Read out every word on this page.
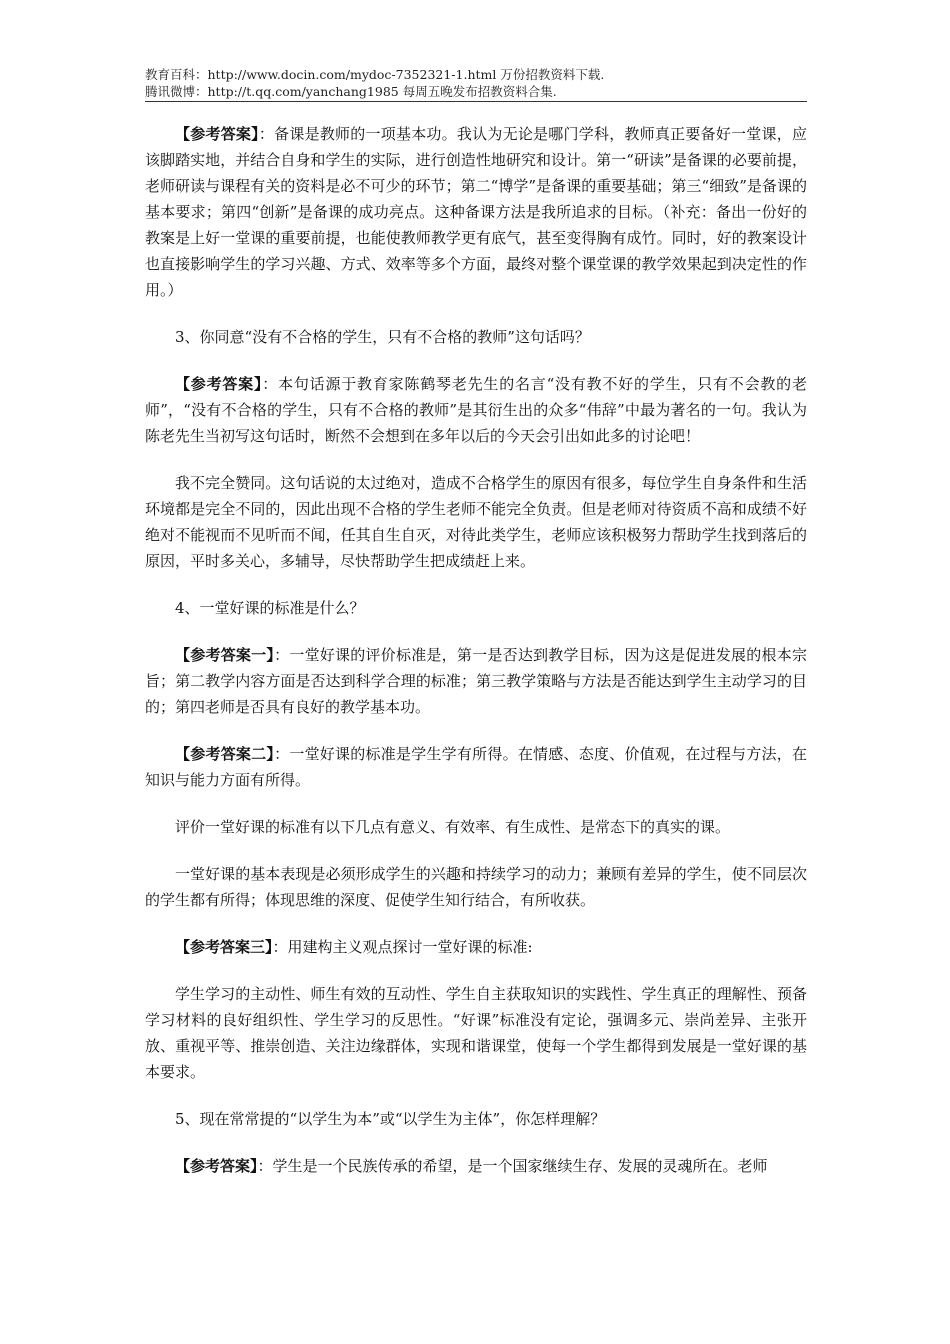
教育百科：http://www.docin.com/mydoc-7352321-1.html 万份招教资料下载.
腾讯微博：http://t.qq.com/yanchang1985 每周五晚发布招教资料合集.

【参考答案】：备课是教师的一项基本功。我认为无论是哪门学科，教师真正要备好一堂课，应该脚踏实地，并结合自身和学生的实际，进行创造性地研究和设计。第一“研读”是备课的必要前提，老师研读与课程有关的资料是必不可少的环节；第二“博学”是备课的重要基础；第三“细致”是备课的基本要求；第四“创新”是备课的成功亮点。这种备课方法是我所追求的目标。（补充：备出一份好的教案是上好一堂课的重要前提，也能使教师教学更有底气，甚至变得胸有成竹。同时，好的教案设计也直接影响学生的学习兴趣、方式、效率等多个方面，最终对整个课堂课的教学效果起到决定性的作用。）

3、你同意“没有不合格的学生，只有不合格的教师”这句话吗？

【参考答案】：本句话源于教育家陈鹤琴老先生的名言“没有教不好的学生，只有不会教的老师”，“没有不合格的学生，只有不合格的教师”是其衍生出的众多“伟辞”中最为著名的一句。我认为陈老先生当初写这句话时，断然不会想到在多年以后的今天会引出如此多的讨论吧！

我不完全赞同。这句话说的太过绝对，造成不合格学生的原因有很多，每位学生自身条件和生活环境都是完全不同的，因此出现不合格的学生老师不能完全负责。但是老师对待资质不高和成绩不好绝对不能视而不见听而不闻，任其自生自灭，对待此类学生，老师应该积极努力帮助学生找到落后的原因，平时多关心，多辅导，尽快帮助学生把成绩赶上来。

4、一堂好课的标准是什么？

【参考答案一】：一堂好课的评价标准是，第一是否达到教学目标，因为这是促进发展的根本宗旨；第二教学内容方面是否达到科学合理的标准；第三教学策略与方法是否能达到学生主动学习的目的；第四老师是否具有良好的教学基本功。

【参考答案二】：一堂好课的标准是学生学有所得。在情感、态度、价值观，在过程与方法，在知识与能力方面有所得。

评价一堂好课的标准有以下几点有意义、有效率、有生成性、是常态下的真实的课。

一堂好课的基本表现是必须形成学生的兴趣和持续学习的动力；兼顾有差异的学生，使不同层次的学生都有所得；体现思维的深度、促使学生知行结合，有所收获。

【参考答案三】：用建构主义观点探讨一堂好课的标准:

学生学习的主动性、师生有效的互动性、学生自主获取知识的实践性、学生真正的理解性、预备学习材料的良好组织性、学生学习的反思性。“好课”标准没有定论，强调多元、崇尚差异、主张开放、重视平等、推崇创造、关注边缘群体，实现和谐课堂，使每一个学生都得到发展是一堂好课的基本要求。

5、现在常常提的“以学生为本”或“以学生为主体”，你怎样理解？

【参考答案】：学生是一个民族传承的希望，是一个国家继续生存、发展的灵魂所在。老师
